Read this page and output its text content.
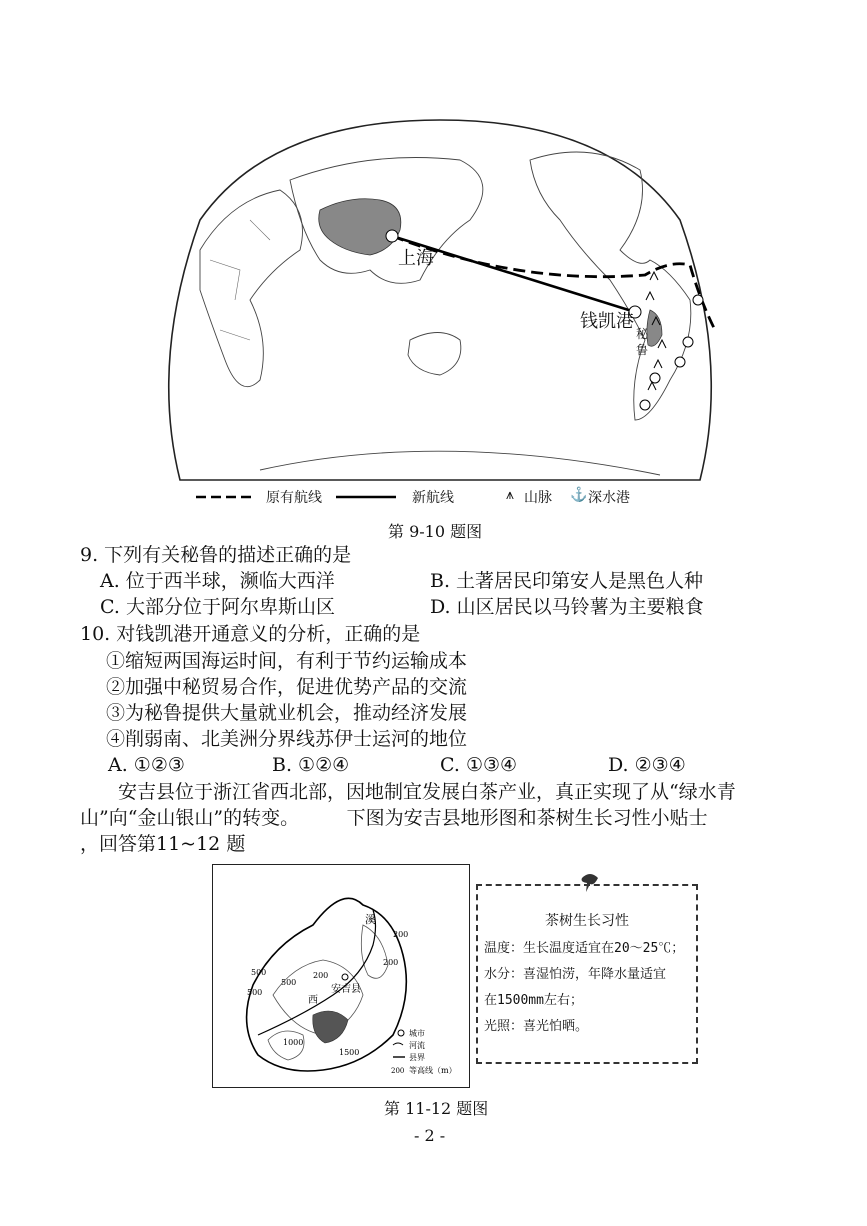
上海
钱凯港
秘
鲁
原有航线	新航线	⩚ 山脉 ⚓ 深水港
第 9-10 题图
9. 下列有关秘鲁的描述正确的是
A. 位于西半球，濒临大西洋	B. 土著居民印第安人是黑色人种
C. 大部分位于阿尔卑斯山区	D. 山区居民以马铃薯为主要粮食
10. 对钱凯港开通意义的分析，正确的是
①缩短两国海运时间，有利于节约运输成本
②加强中秘贸易合作，促进优势产品的交流
③为秘鲁提供大量就业机会，推动经济发展
④削弱南、北美洲分界线苏伊士运河的地位
A. ①②③	B. ①②④	C. ①③④	D. ②③④
安吉县位于浙江省西北部，因地制宜发展白茶产业，真正实现了从“绿水青
山”向“金山银山”的转变。　　　下图为安吉县地形图和茶树生长习性小贴士
，回答第11~12 题
安吉县
西
溪
500
500
500
200
200
200
1000
1500
城市
河流
县界
200 等高线（m）
茶树生长习性
温度：生长温度适宜在20～25℃；
水分：喜湿怕涝，年降水量适宜
在1500mm左右；
光照：喜光怕晒。
第 11-12 题图
- 2 -
